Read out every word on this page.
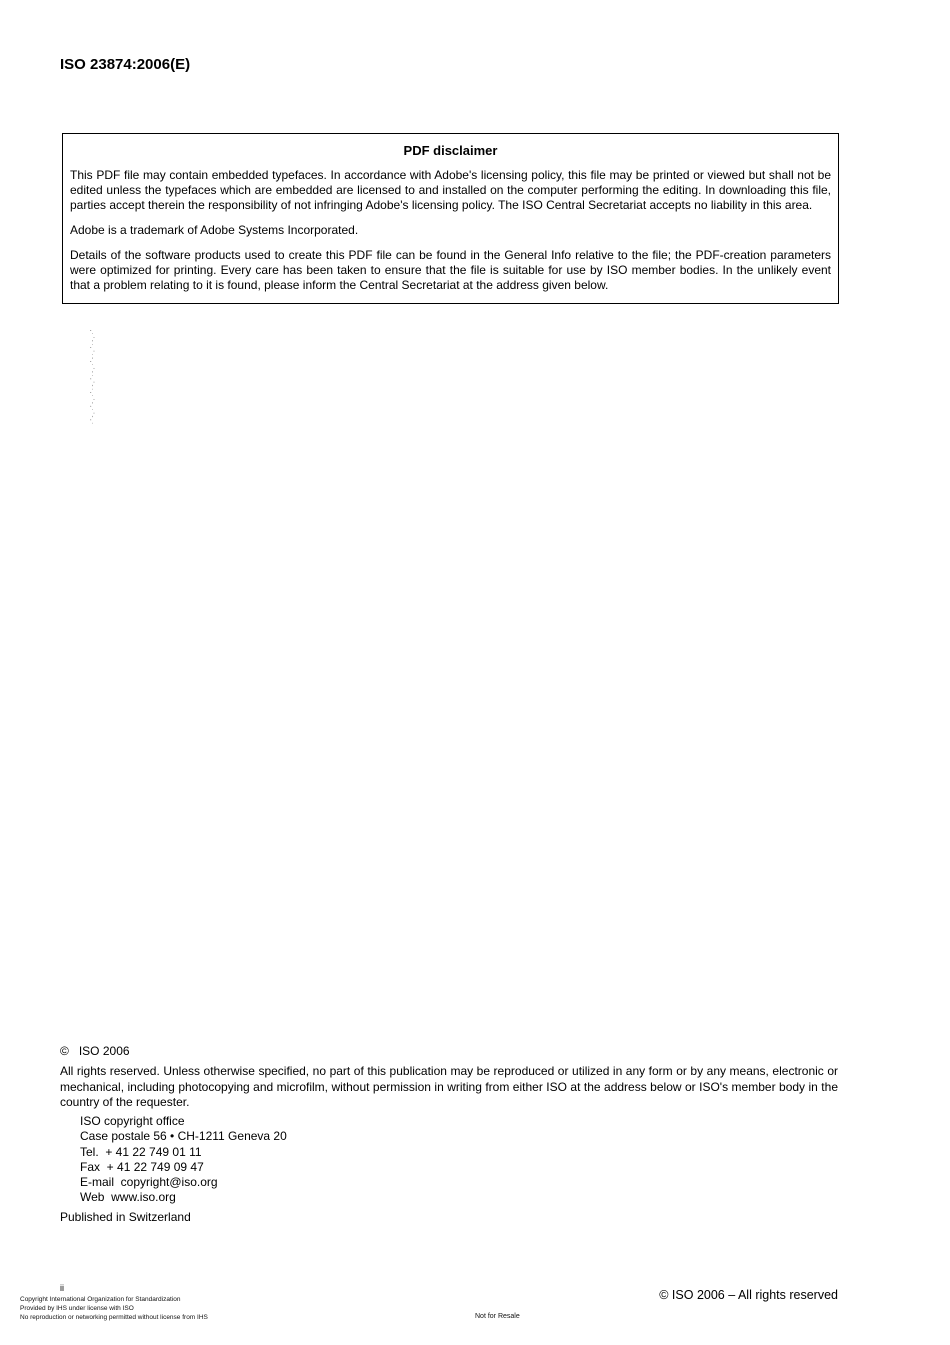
ISO 23874:2006(E)
PDF disclaimer

This PDF file may contain embedded typefaces. In accordance with Adobe's licensing policy, this file may be printed or viewed but shall not be edited unless the typefaces which are embedded are licensed to and installed on the computer performing the editing. In downloading this file, parties accept therein the responsibility of not infringing Adobe's licensing policy. The ISO Central Secretariat accepts no liability in this area.

Adobe is a trademark of Adobe Systems Incorporated.

Details of the software products used to create this PDF file can be found in the General Info relative to the file; the PDF-creation parameters were optimized for printing. Every care has been taken to ensure that the file is suitable for use by ISO member bodies. In the unlikely event that a problem relating to it is found, please inform the Central Secretariat at the address given below.

·'-,·'-,·'·-,'·-,·'-·,'·-,·'
©   ISO 2006
All rights reserved. Unless otherwise specified, no part of this publication may be reproduced or utilized in any form or by any means, electronic or mechanical, including photocopying and microfilm, without permission in writing from either ISO at the address below or ISO's member body in the country of the requester.
ISO copyright office
Case postale 56 • CH-1211 Geneva 20
Tel.  + 41 22 749 01 11
Fax  + 41 22 749 09 47
E-mail  copyright@iso.org
Web  www.iso.org
Published in Switzerland
ii
Copyright International Organization for Standardization
Provided by IHS under license with ISO
No reproduction or networking permitted without license from IHS	Not for Resale
© ISO 2006 – All rights reserved
